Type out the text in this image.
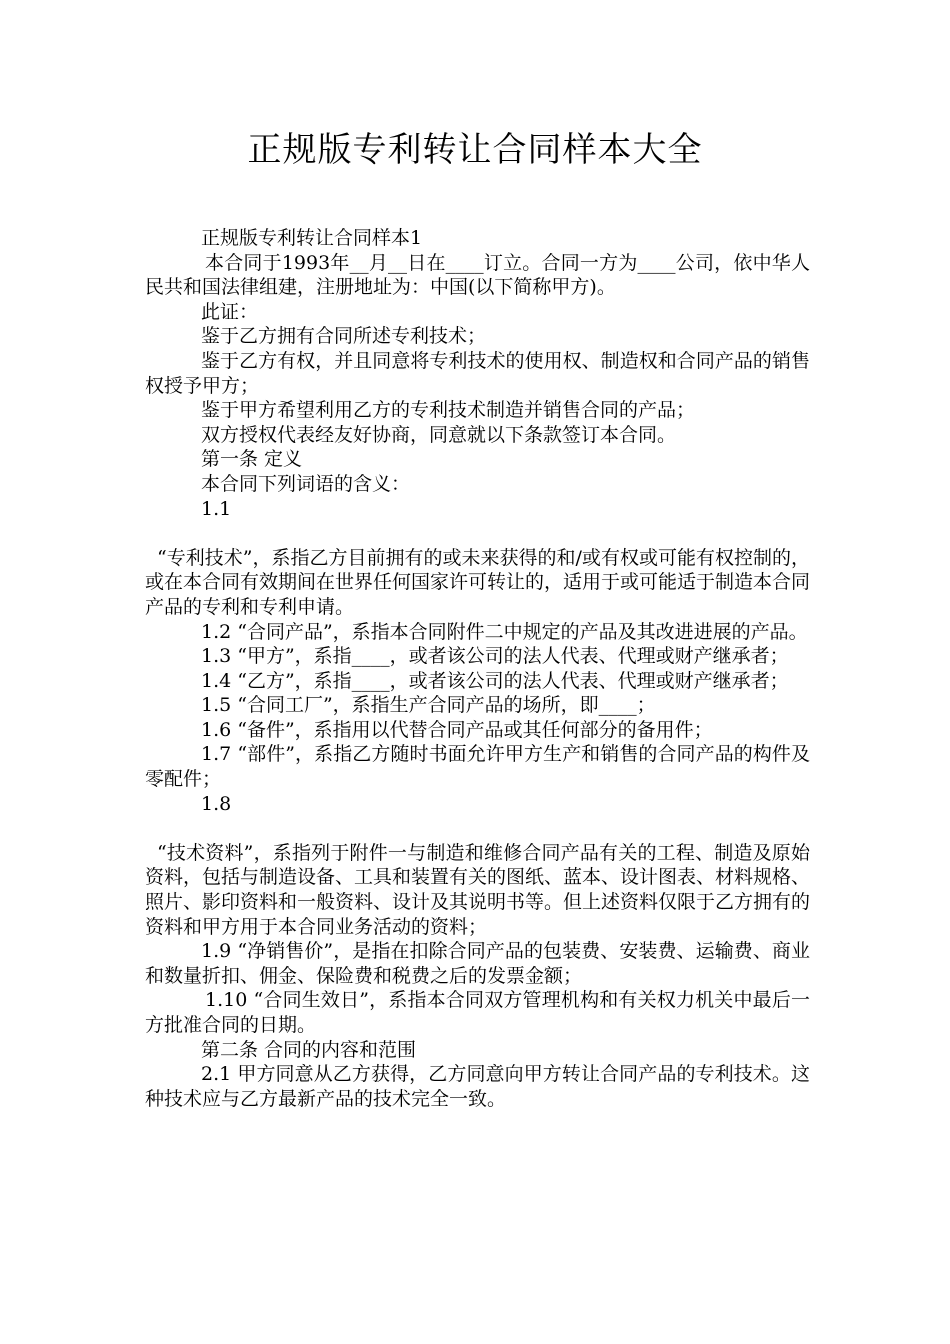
正规版专利转让合同样本大全

正规版专利转让合同样本1

本合同于1993年__月__日在____订立。合同一方为____公司，依中华人民共和国法律组建，注册地址为：中国(以下简称甲方)。

此证：

鉴于乙方拥有合同所述专利技术；

鉴于乙方有权，并且同意将专利技术的使用权、制造权和合同产品的销售权授予甲方；

鉴于甲方希望利用乙方的专利技术制造并销售合同的产品；

双方授权代表经友好协商，同意就以下条款签订本合同。

第一条 定义

本合同下列词语的含义：

1.1

“专利技术”，系指乙方目前拥有的或未来获得的和/或有权或可能有权控制的，或在本合同有效期间在世界任何国家许可转让的，适用于或可能适于制造本合同产品的专利和专利申请。

1.2 “合同产品”，系指本合同附件二中规定的产品及其改进进展的产品。

1.3 “甲方”，系指____，或者该公司的法人代表、代理或财产继承者；

1.4 “乙方”，系指____，或者该公司的法人代表、代理或财产继承者；

1.5 “合同工厂”，系指生产合同产品的场所，即____；

1.6 “备件”，系指用以代替合同产品或其任何部分的备用件；

1.7 “部件”，系指乙方随时书面允许甲方生产和销售的合同产品的构件及零配件；

1.8

“技术资料”，系指列于附件一与制造和维修合同产品有关的工程、制造及原始资料，包括与制造设备、工具和装置有关的图纸、蓝本、设计图表、材料规格、照片、影印资料和一般资料、设计及其说明书等。但上述资料仅限于乙方拥有的资料和甲方用于本合同业务活动的资料；

1.9 “净销售价”，是指在扣除合同产品的包装费、安装费、运输费、商业和数量折扣、佣金、保险费和税费之后的发票金额；

1.10 “合同生效日”，系指本合同双方管理机构和有关权力机关中最后一方批准合同的日期。

第二条 合同的内容和范围

2.1 甲方同意从乙方获得，乙方同意向甲方转让合同产品的专利技术。这种技术应与乙方最新产品的技术完全一致。
